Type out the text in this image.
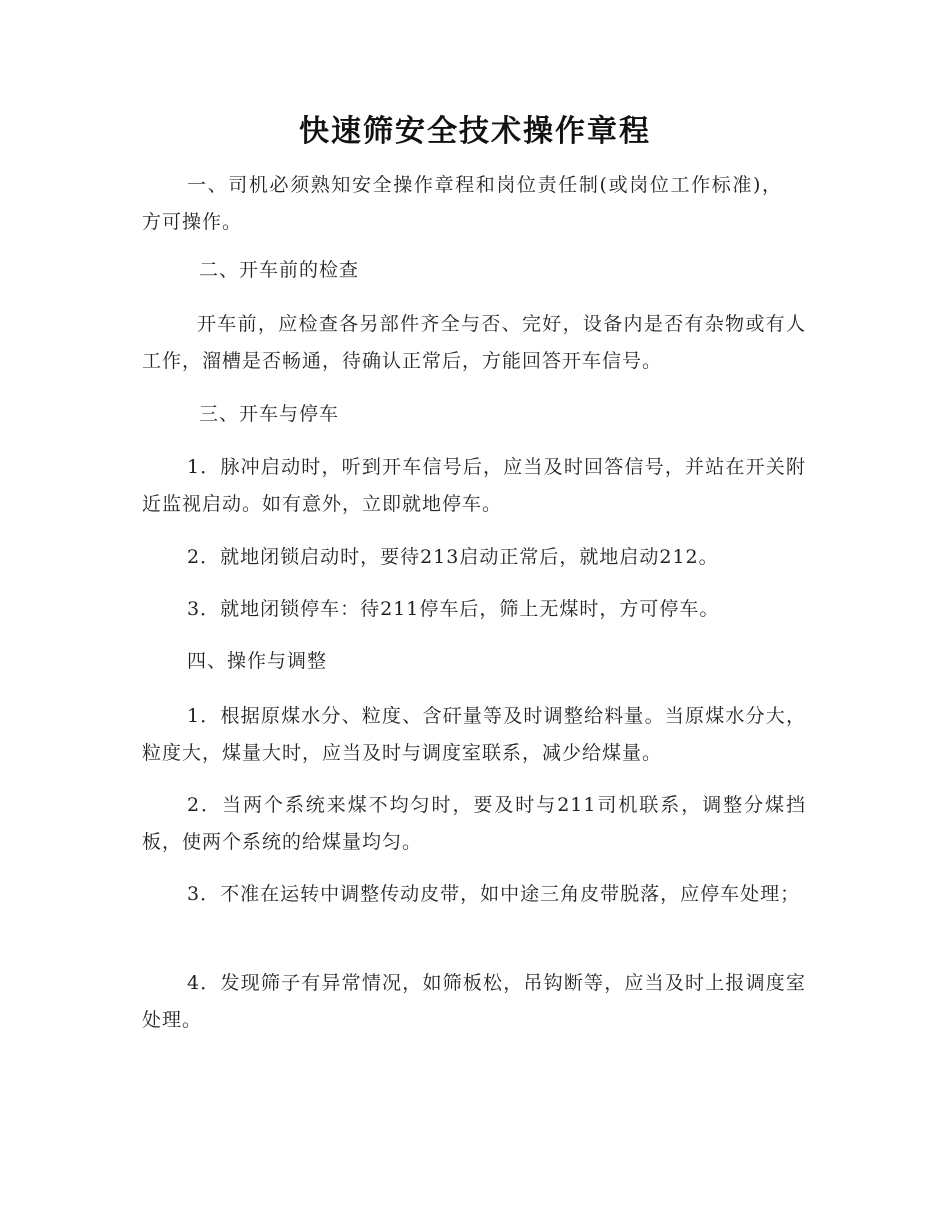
快速筛安全技术操作章程

一、司机必须熟知安全操作章程和岗位责任制(或岗位工作标准)，方可操作。

二、开车前的检查

开车前，应检查各另部件齐全与否、完好，设备内是否有杂物或有人工作，溜槽是否畅通，待确认正常后，方能回答开车信号。

三、开车与停车

1．脉冲启动时，听到开车信号后，应当及时回答信号，并站在开关附近监视启动。如有意外，立即就地停车。

2．就地闭锁启动时，要待213启动正常后，就地启动212。

3．就地闭锁停车：待211停车后，筛上无煤时，方可停车。

四、操作与调整

1．根据原煤水分、粒度、含矸量等及时调整给料量。当原煤水分大，粒度大，煤量大时，应当及时与调度室联系，减少给煤量。

2．当两个系统来煤不均匀时，要及时与211司机联系，调整分煤挡板，使两个系统的给煤量均匀。

3．不准在运转中调整传动皮带，如中途三角皮带脱落，应停车处理；

4．发现筛子有异常情况，如筛板松，吊钩断等，应当及时上报调度室处理。
